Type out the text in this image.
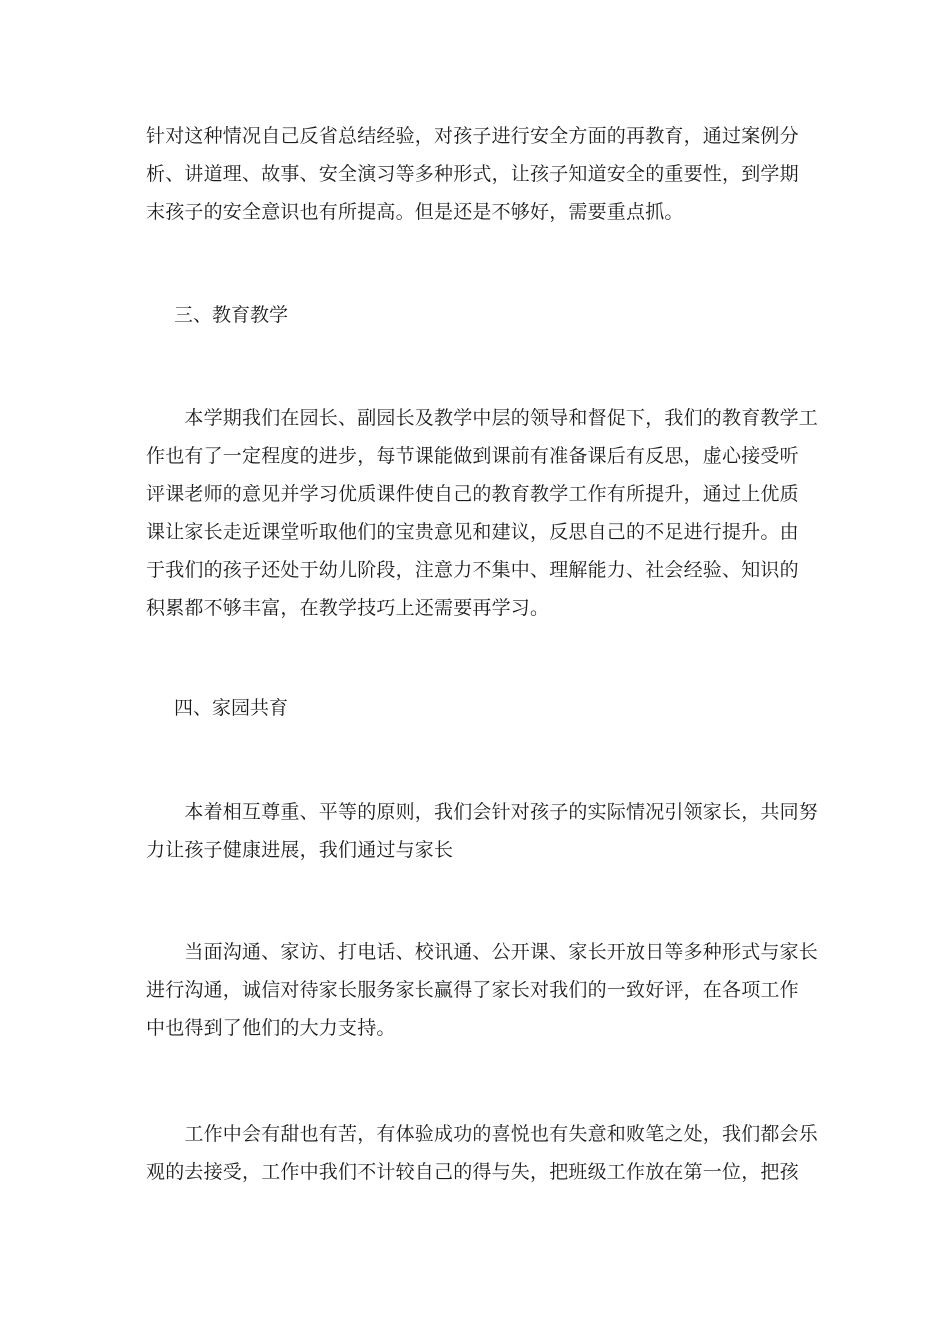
针对这种情况自己反省总结经验，对孩子进行安全方面的再教育，通过案例分

析、讲道理、故事、安全演习等多种形式，让孩子知道安全的重要性，到学期

末孩子的安全意识也有所提高。但是还是不够好，需要重点抓。

三、教育教学

　　本学期我们在园长、副园长及教学中层的领导和督促下，我们的教育教学工

作也有了一定程度的进步，每节课能做到课前有准备课后有反思，虚心接受听

评课老师的意见并学习优质课件使自己的教育教学工作有所提升，通过上优质

课让家长走近课堂听取他们的宝贵意见和建议，反思自己的不足进行提升。由

于我们的孩子还处于幼儿阶段，注意力不集中、理解能力、社会经验、知识的

积累都不够丰富，在教学技巧上还需要再学习。

四、家园共育

　　本着相互尊重、平等的原则，我们会针对孩子的实际情况引领家长，共同努

力让孩子健康进展，我们通过与家长

　　当面沟通、家访、打电话、校讯通、公开课、家长开放日等多种形式与家长

进行沟通，诚信对待家长服务家长赢得了家长对我们的一致好评，在各项工作

中也得到了他们的大力支持。

　　工作中会有甜也有苦，有体验成功的喜悦也有失意和败笔之处，我们都会乐

观的去接受，工作中我们不计较自己的得与失，把班级工作放在第一位，把孩
